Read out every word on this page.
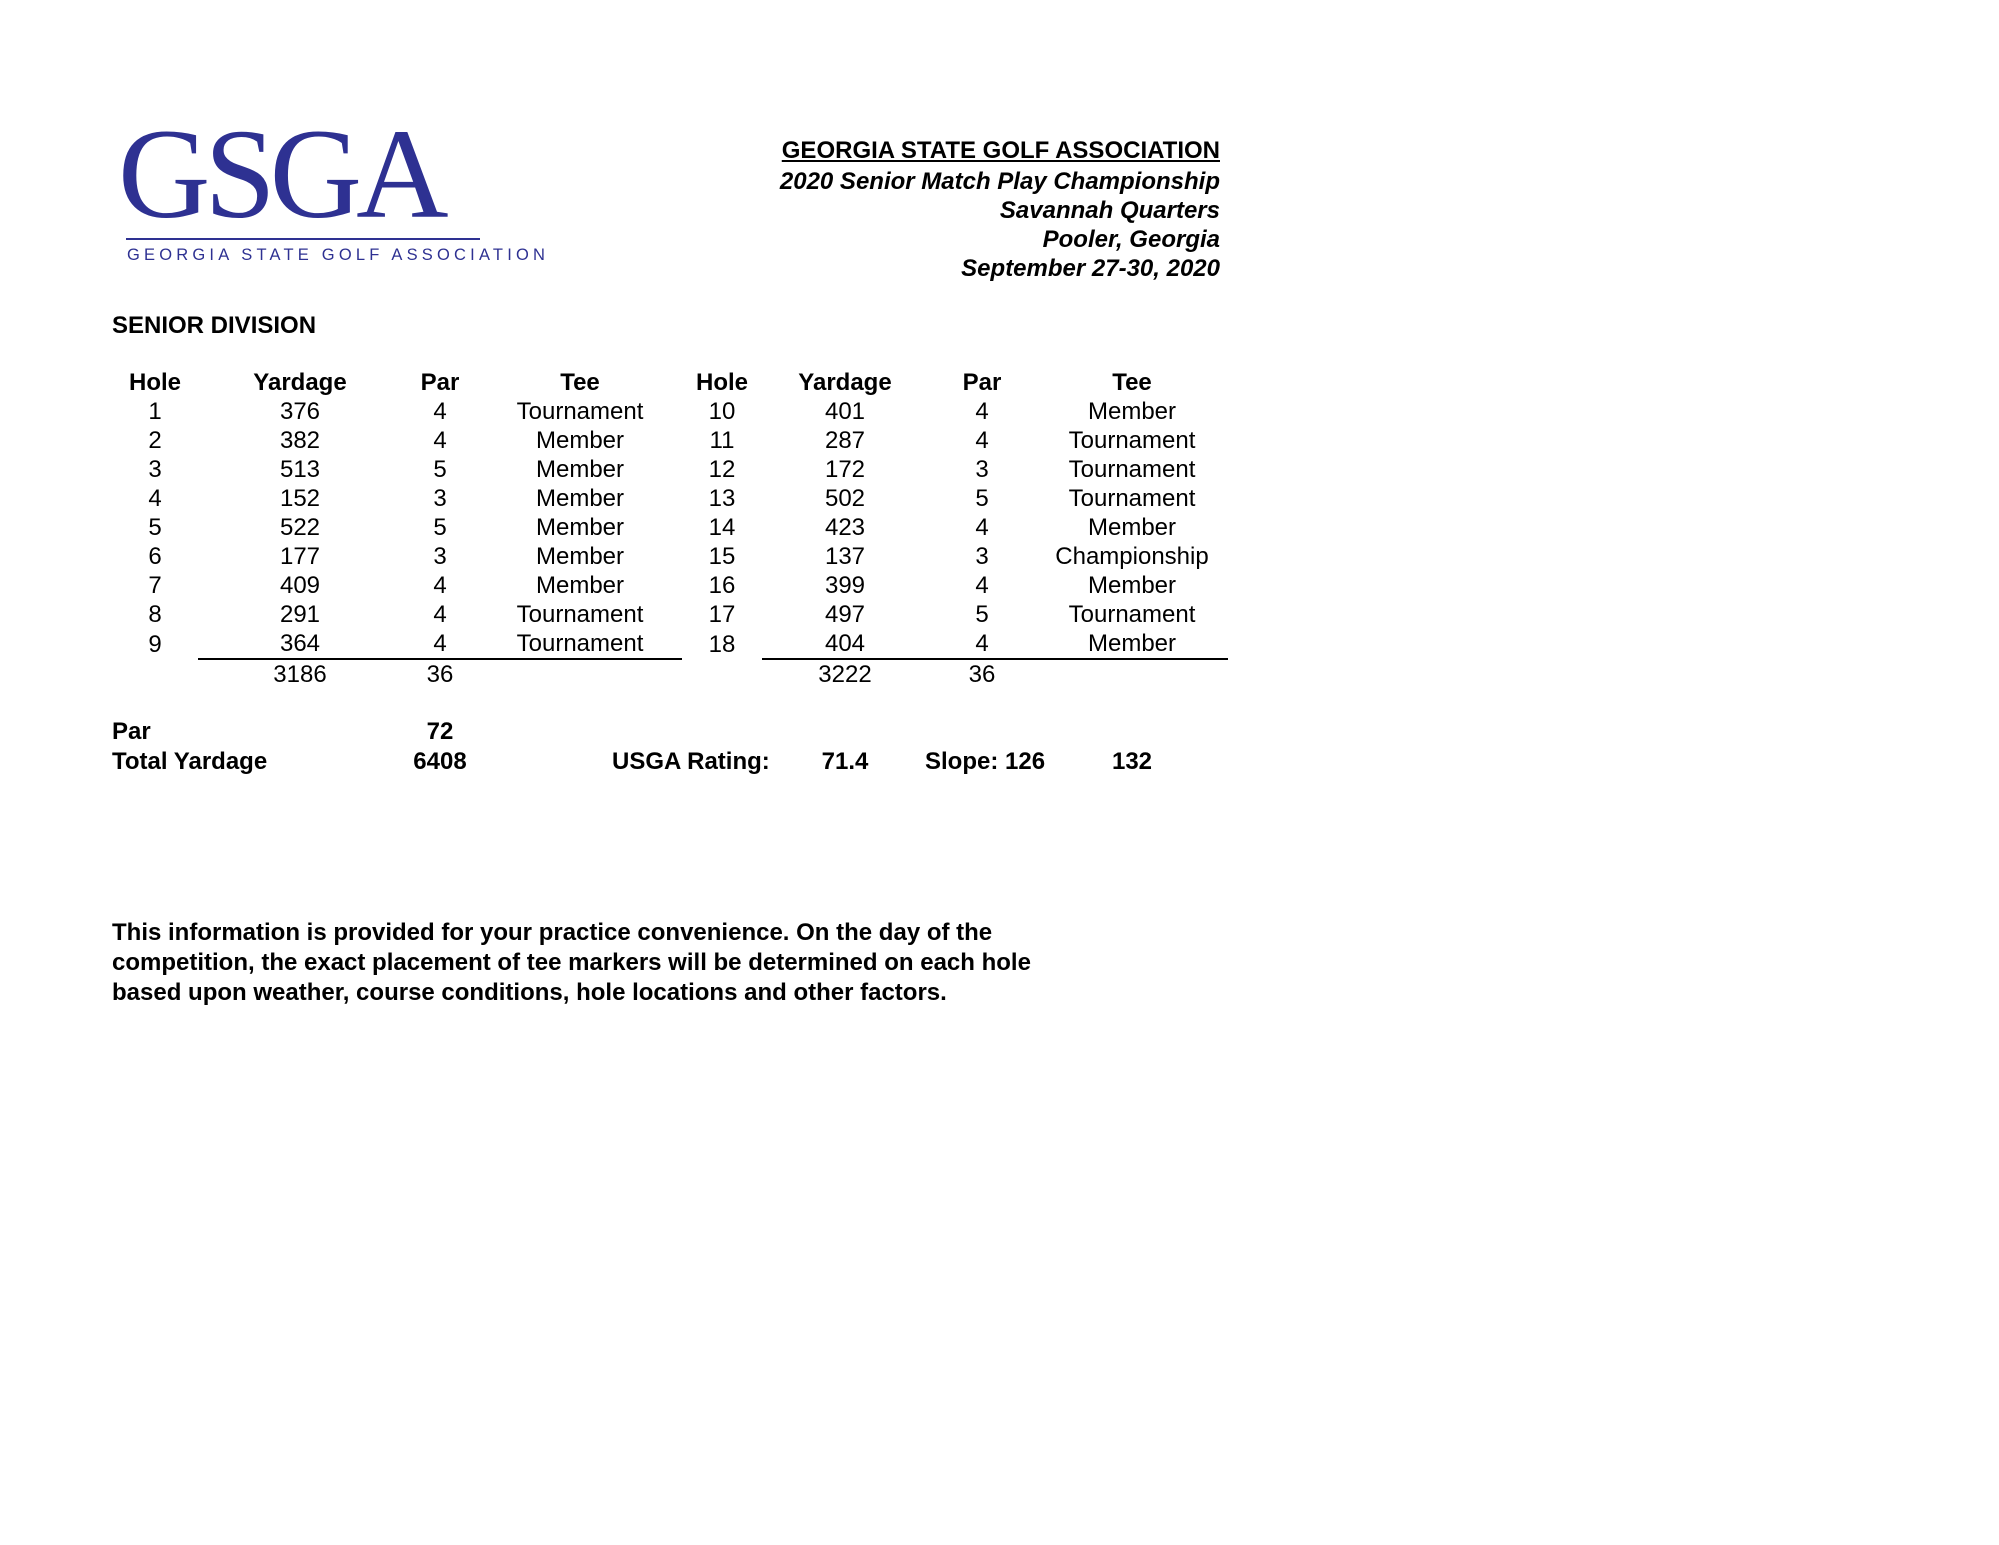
GSGA
GEORGIA STATE GOLF ASSOCIATION
GEORGIA STATE GOLF ASSOCIATION
2020 Senior Match Play Championship
Savannah Quarters
Pooler, Georgia
September 27-30, 2020
SENIOR DIVISION
Hole	Yardage	Par	Tee	Hole	Yardage	Par	Tee
1	376	4	Tournament	10	401	4	Member
2	382	4	Member	11	287	4	Tournament
3	513	5	Member	12	172	3	Tournament
4	152	3	Member	13	502	5	Tournament
5	522	5	Member	14	423	4	Member
6	177	3	Member	15	137	3	Championship
7	409	4	Member	16	399	4	Member
8	291	4	Tournament	17	497	5	Tournament
9	364	4	Tournament	18	404	4	Member
	3186	36			3222	36	
Par	72
Total Yardage	6408	USGA Rating:	71.4	Slope: 126	132
This information is provided for your practice convenience. On the day of the competition, the exact placement of tee markers will be determined on each hole based upon weather, course conditions, hole locations and other factors.
